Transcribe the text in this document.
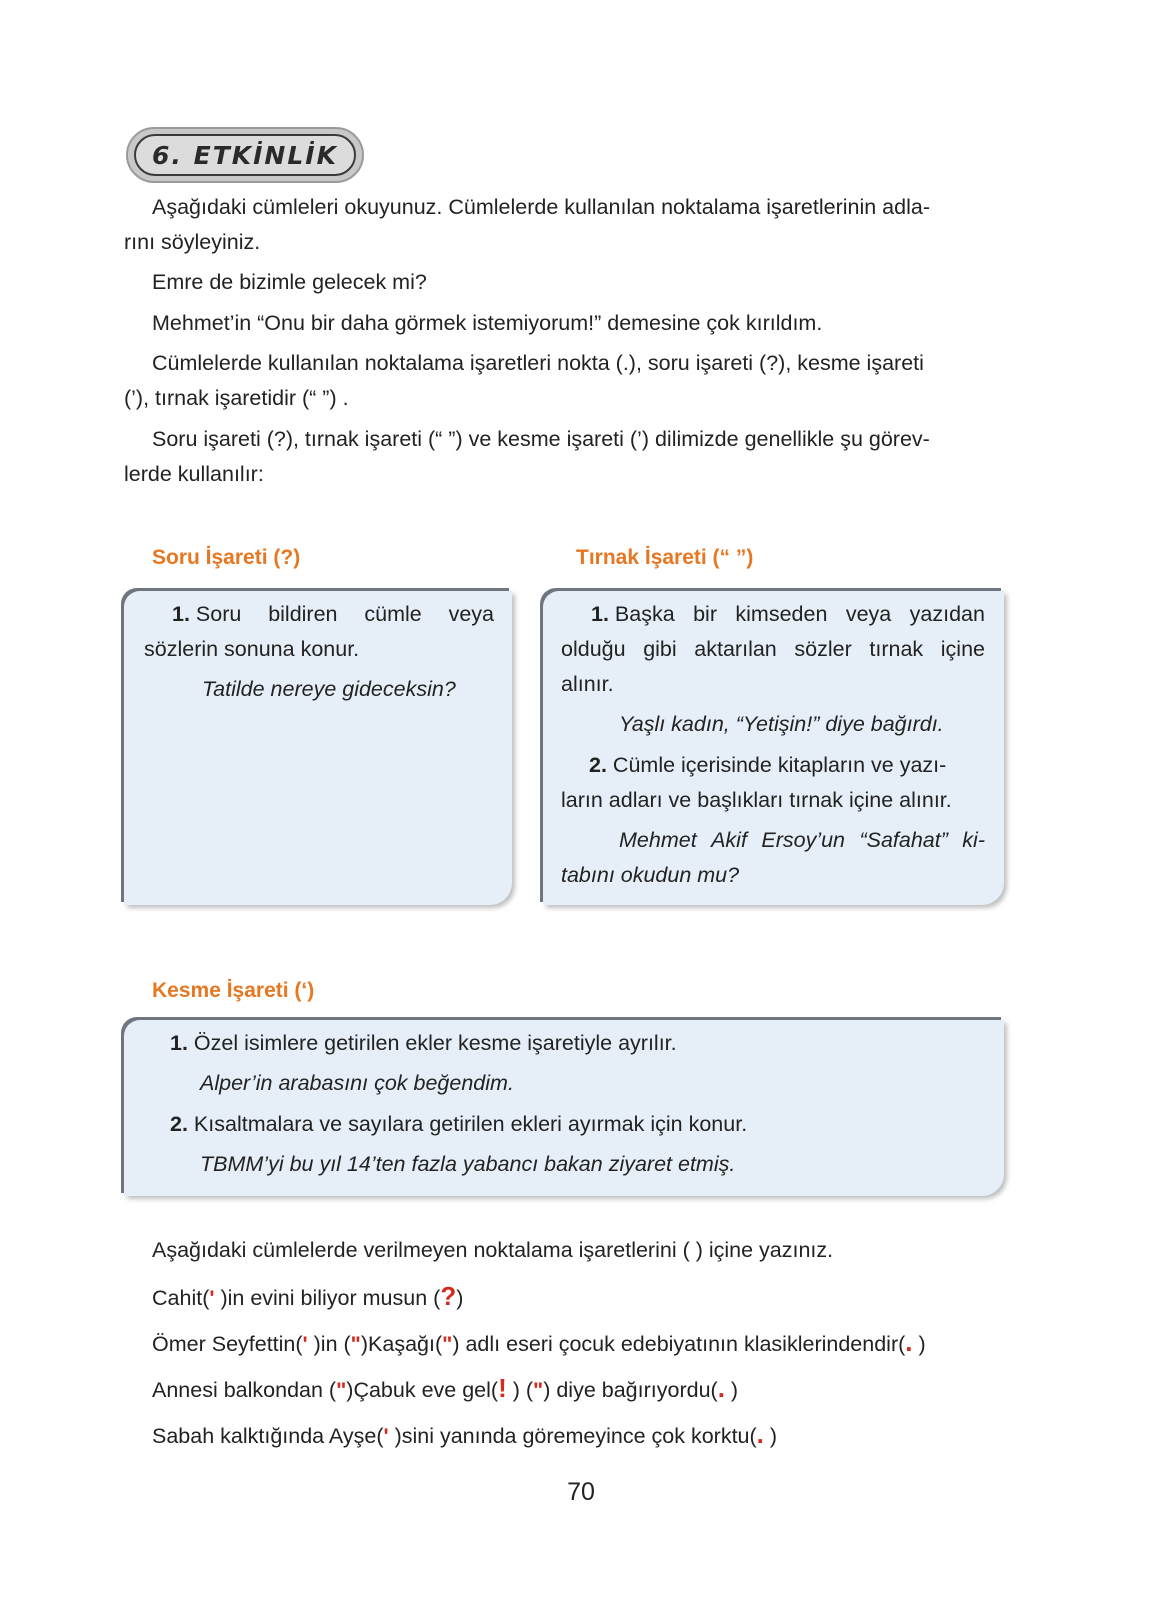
6. ETKİNLİK
Aşağıdaki cümleleri okuyunuz. Cümlelerde kullanılan noktalama işaretlerinin adla-
rını söyleyiniz.
Emre de bizimle gelecek mi?
Mehmet’in “Onu bir daha görmek istemiyorum!” demesine çok kırıldım.
Cümlelerde kullanılan noktalama işaretleri nokta (.), soru işareti (?), kesme işareti
(’), tırnak işaretidir (“ ”) .
Soru işareti (?), tırnak işareti (“ ”) ve kesme işareti (’) dilimizde genellikle şu görev-
lerde kullanılır:
Soru İşareti (?)
1. Soru bildiren cümle veya
sözlerin sonuna konur.
Tatilde nereye gideceksin?
Tırnak İşareti (“ ”)
1. Başka bir kimseden veya yazıdan
olduğu gibi aktarılan sözler tırnak içine
alınır.
Yaşlı kadın, “Yetişin!” diye bağırdı.
2. Cümle içerisinde kitapların ve yazı-
ların adları ve başlıkları tırnak içine alınır.
Mehmet Akif Ersoy’un “Safahat” ki-
tabını okudun mu?
Kesme İşareti (‘)
1. Özel isimlere getirilen ekler kesme işaretiyle ayrılır.
Alper’in arabasını çok beğendim.
2. Kısaltmalara ve sayılara getirilen ekleri ayırmak için konur.
TBMM’yi bu yıl 14’ten fazla yabancı bakan ziyaret etmiş.
Aşağıdaki cümlelerde verilmeyen noktalama işaretlerini ( ) içine yazınız.
Cahit(' )in evini biliyor musun (?)
Ömer Seyfettin(' )in (")Kaşağı(") adlı eseri çocuk edebiyatının klasiklerindendir(. )
Annesi balkondan (")Çabuk eve gel(! ) (") diye bağırıyordu(. )
Sabah kalktığında Ayşe(' )sini yanında göremeyince çok korktu(. )
70
